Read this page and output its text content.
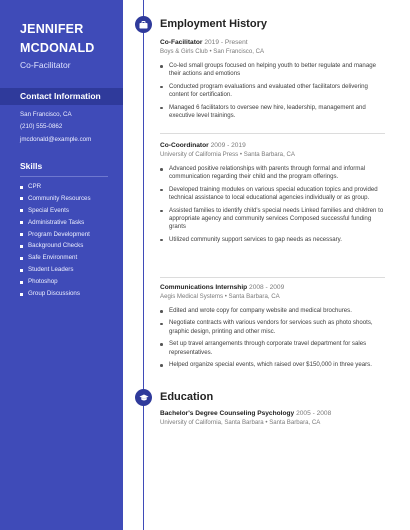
JENNIFER
MCDONALD
Co-Facilitator
Contact Information
San Francisco, CA
(210) 555-0862
jmcdonald@example.com
Skills
CPR
Community Resources
Special Events
Administrative Tasks
Program Development
Background Checks
Safe Environment
Student Leaders
Photoshop
Group Discussions
Employment History
Co-Facilitator 2019 - Present
Boys & Girls Club • San Francisco, CA
Co-led small groups focused on helping youth to better regulate and manage their actions and emotions
Conducted program evaluations and evaluated other facilitators delivering content for certification.
Managed 6 facilitators to oversee new hire, leadership, management and executive level trainings.
Co-Coordinator 2009 - 2019
University of California Press • Santa Barbara, CA
Advanced positive relationships with parents through formal and informal communication regarding their child and the program offerings.
Developed training modules on various special education topics and provided technical assistance to local educational agencies individually or as group.
Assisted families to identify child's special needs Linked families and children to appropriate agency and community services Composed successful funding grants
Utilized community support services to gap needs as necessary.
Communications Internship 2008 - 2009
Aegis Medical Systems • Santa Barbara, CA
Edited and wrote copy for company website and medical brochures.
Negotiate contracts with various vendors for services such as photo shoots, graphic design, printing and other misc.
Set up travel arrangements through corporate travel department for sales representatives.
Helped organize special events, which raised over $150,000 in three years.
Education
Bachelor's Degree Counseling Psychology 2005 - 2008
University of California, Santa Barbara • Santa Barbara, CA
